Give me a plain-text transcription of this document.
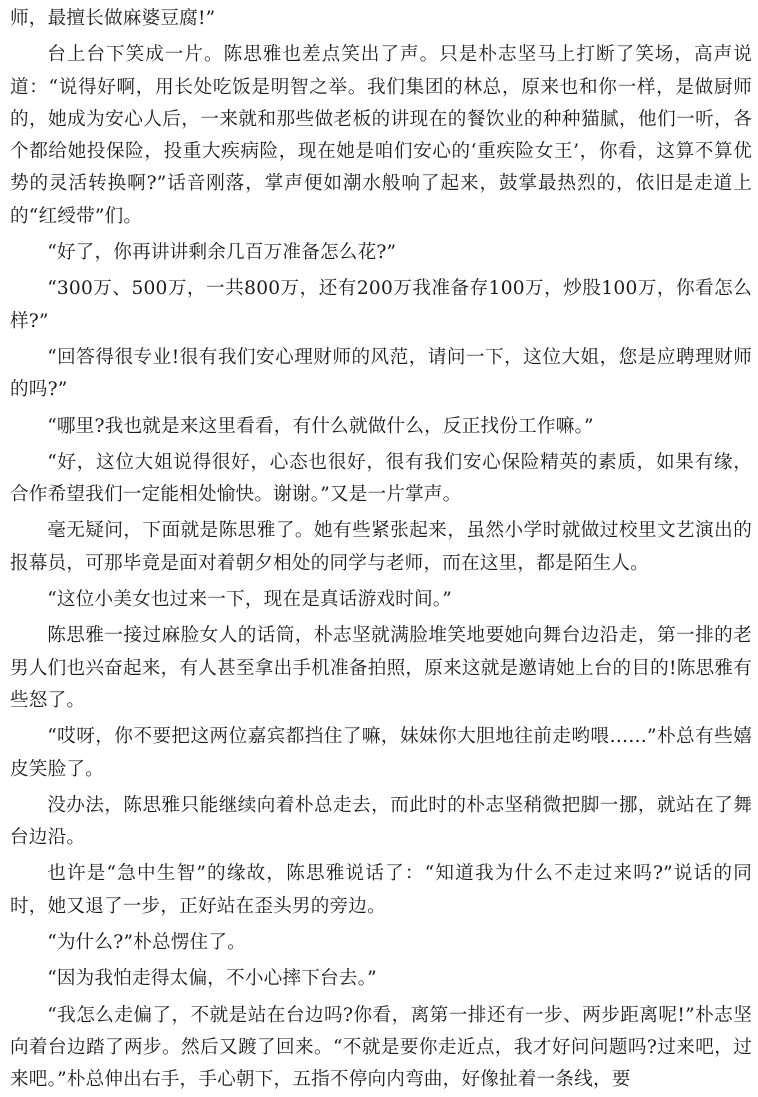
师，最擅长做麻婆豆腐!”

台上台下笑成一片。陈思雅也差点笑出了声。只是朴志坚马上打断了笑场，高声说道：“说得好啊，用长处吃饭是明智之举。我们集团的林总，原来也和你一样，是做厨师的，她成为安心人后，一来就和那些做老板的讲现在的餐饮业的种种猫腻，他们一听，各个都给她投保险，投重大疾病险，现在她是咱们安心的‘重疾险女王’，你看，这算不算优势的灵活转换啊?”话音刚落，掌声便如潮水般响了起来，鼓掌最热烈的，依旧是走道上的“红绶带”们。

“好了，你再讲讲剩余几百万准备怎么花?”

“300万、500万，一共800万，还有200万我准备存100万，炒股100万，你看怎么样?”

“回答得很专业!很有我们安心理财师的风范，请问一下，这位大姐，您是应聘理财师的吗?”

“哪里?我也就是来这里看看，有什么就做什么，反正找份工作嘛。”

“好，这位大姐说得很好，心态也很好，很有我们安心保险精英的素质，如果有缘，合作希望我们一定能相处愉快。谢谢。”又是一片掌声。

毫无疑问，下面就是陈思雅了。她有些紧张起来，虽然小学时就做过校里文艺演出的报幕员，可那毕竟是面对着朝夕相处的同学与老师，而在这里，都是陌生人。

“这位小美女也过来一下，现在是真话游戏时间。”

陈思雅一接过麻脸女人的话筒，朴志坚就满脸堆笑地要她向舞台边沿走，第一排的老男人们也兴奋起来，有人甚至拿出手机准备拍照，原来这就是邀请她上台的目的!陈思雅有些怒了。

“哎呀，你不要把这两位嘉宾都挡住了嘛，妹妹你大胆地往前走哟喂……”朴总有些嬉皮笑脸了。

没办法，陈思雅只能继续向着朴总走去，而此时的朴志坚稍微把脚一挪，就站在了舞台边沿。

也许是“急中生智”的缘故，陈思雅说话了：“知道我为什么不走过来吗?”说话的同时，她又退了一步，正好站在歪头男的旁边。

“为什么?”朴总愣住了。

“因为我怕走得太偏，不小心摔下台去。”

“我怎么走偏了，不就是站在台边吗?你看，离第一排还有一步、两步距离呢!”朴志坚向着台边踏了两步。然后又踱了回来。“不就是要你走近点，我才好问问题吗?过来吧，过来吧。”朴总伸出右手，手心朝下，五指不停向内弯曲，好像扯着一条线，要
